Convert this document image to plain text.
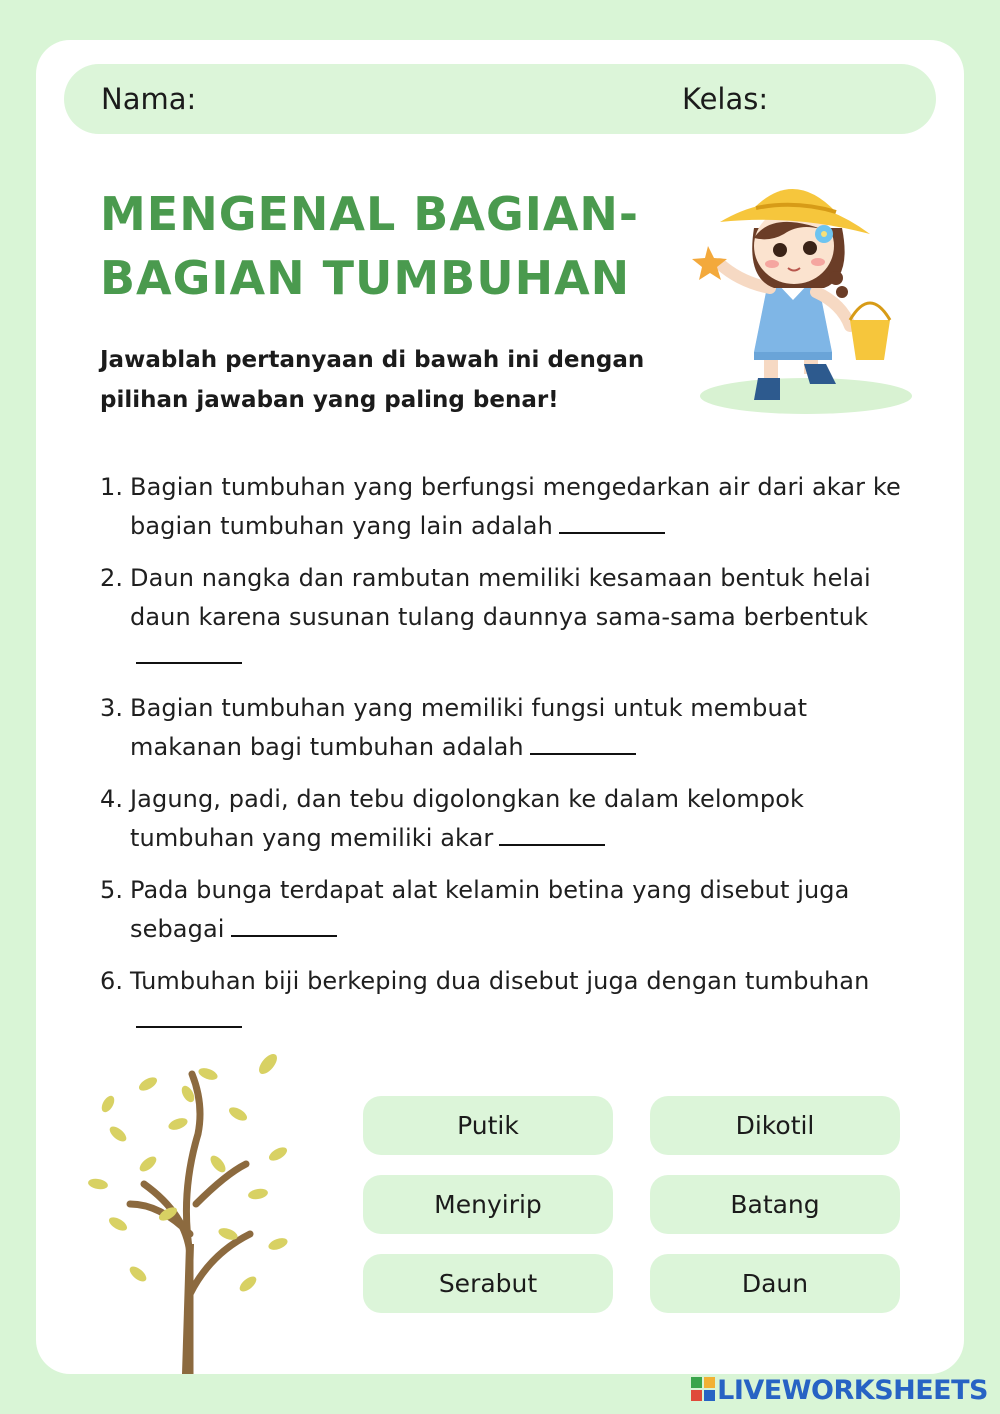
Nama:	Kelas:
MENGENAL BAGIAN-
BAGIAN TUMBUHAN
Jawablah pertanyaan di bawah ini dengan pilihan jawaban yang paling benar!
1. Bagian tumbuhan yang berfungsi mengedarkan air dari akar ke bagian tumbuhan yang lain adalah
2. Daun nangka dan rambutan memiliki kesamaan bentuk helai daun karena susunan tulang daunnya sama-sama berbentuk
3. Bagian tumbuhan yang memiliki fungsi untuk membuat makanan bagi tumbuhan adalah
4. Jagung, padi, dan tebu digolongkan ke dalam kelompok tumbuhan yang memiliki akar
5. Pada bunga terdapat alat kelamin betina yang disebut juga sebagai
6. Tumbuhan biji berkeping dua disebut juga dengan tumbuhan
Putik	Dikotil
Menyirip	Batang
Serabut	Daun
LIVEWORKSHEETS
